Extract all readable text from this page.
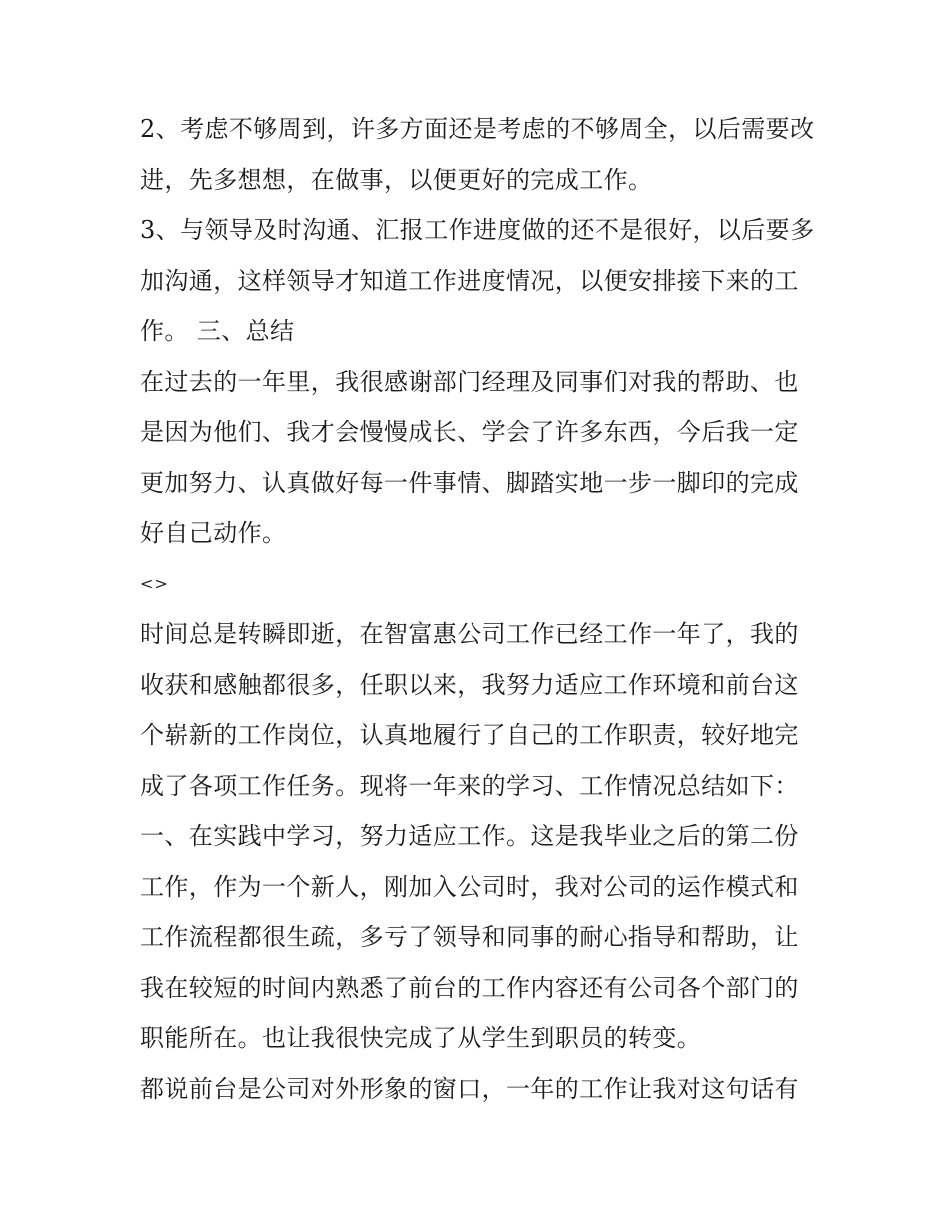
2、考虑不够周到，许多方面还是考虑的不够周全，以后需要改进，先多想想，在做事，以便更好的完成工作。

3、与领导及时沟通、汇报工作进度做的还不是很好，以后要多加沟通，这样领导才知道工作进度情况，以便安排接下来的工作。 三、总结

在过去的一年里，我很感谢部门经理及同事们对我的帮助、也是因为他们、我才会慢慢成长、学会了许多东西，今后我一定更加努力、认真做好每一件事情、脚踏实地一步一脚印的完成好自己动作。

<>

时间总是转瞬即逝，在智富惠公司工作已经工作一年了，我的收获和感触都很多，任职以来，我努力适应工作环境和前台这个崭新的工作岗位，认真地履行了自己的工作职责，较好地完成了各项工作任务。现将一年来的学习、工作情况总结如下：

一、在实践中学习，努力适应工作。这是我毕业之后的第二份工作，作为一个新人，刚加入公司时，我对公司的运作模式和工作流程都很生疏，多亏了领导和同事的耐心指导和帮助，让我在较短的时间内熟悉了前台的工作内容还有公司各个部门的职能所在。也让我很快完成了从学生到职员的转变。

都说前台是公司对外形象的窗口，一年的工作让我对这句话有
